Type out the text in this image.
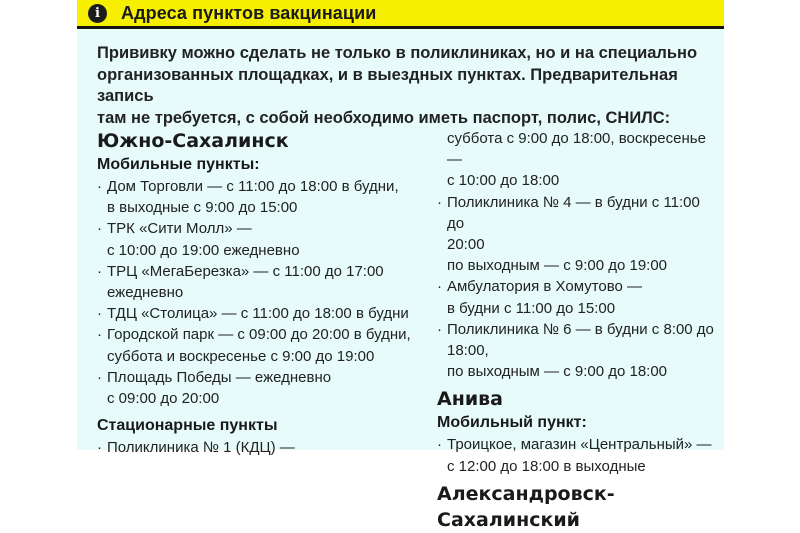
i	Адреса пунктов вакцинации
Прививку можно сделать не только в поликлиниках, но и на специально
организованных площадках, и в выездных пунктах. Предварительная запись
там не требуется, с собой необходимо иметь паспорт, полис, СНИЛС:
Южно-Сахалинск
Мобильные пункты:
· Дом Торговли — с 11:00 до 18:00 в будни,
в выходные с 9:00 до 15:00
· ТРК «Сити Молл» —
с 10:00 до 19:00 ежедневно
· ТРЦ «МегаБерезка» — с 11:00 до 17:00
ежедневно
· ТДЦ «Столица» — с 11:00 до 18:00 в будни
· Городской парк — с 09:00 до 20:00 в будни,
суббота и воскресенье с 9:00 до 19:00
· Площадь Победы — ежедневно
с 09:00 до 20:00
Стационарные пункты
· Поликлиника № 1 (КДЦ) —
суббота с 9:00 до 18:00, воскресенье —
с 10:00 до 18:00
· Поликлиника № 4 — в будни с 11:00 до
20:00
по выходным — с 9:00 до 19:00
· Амбулатория в Хомутово —
в будни с 11:00 до 15:00
· Поликлиника № 6 — в будни с 8:00 до
18:00,
по выходным — с 9:00 до 18:00
Анива
Мобильный пункт:
· Троицкое, магазин «Центральный» —
с 12:00 до 18:00 в выходные
Александровск-Сахалинский
